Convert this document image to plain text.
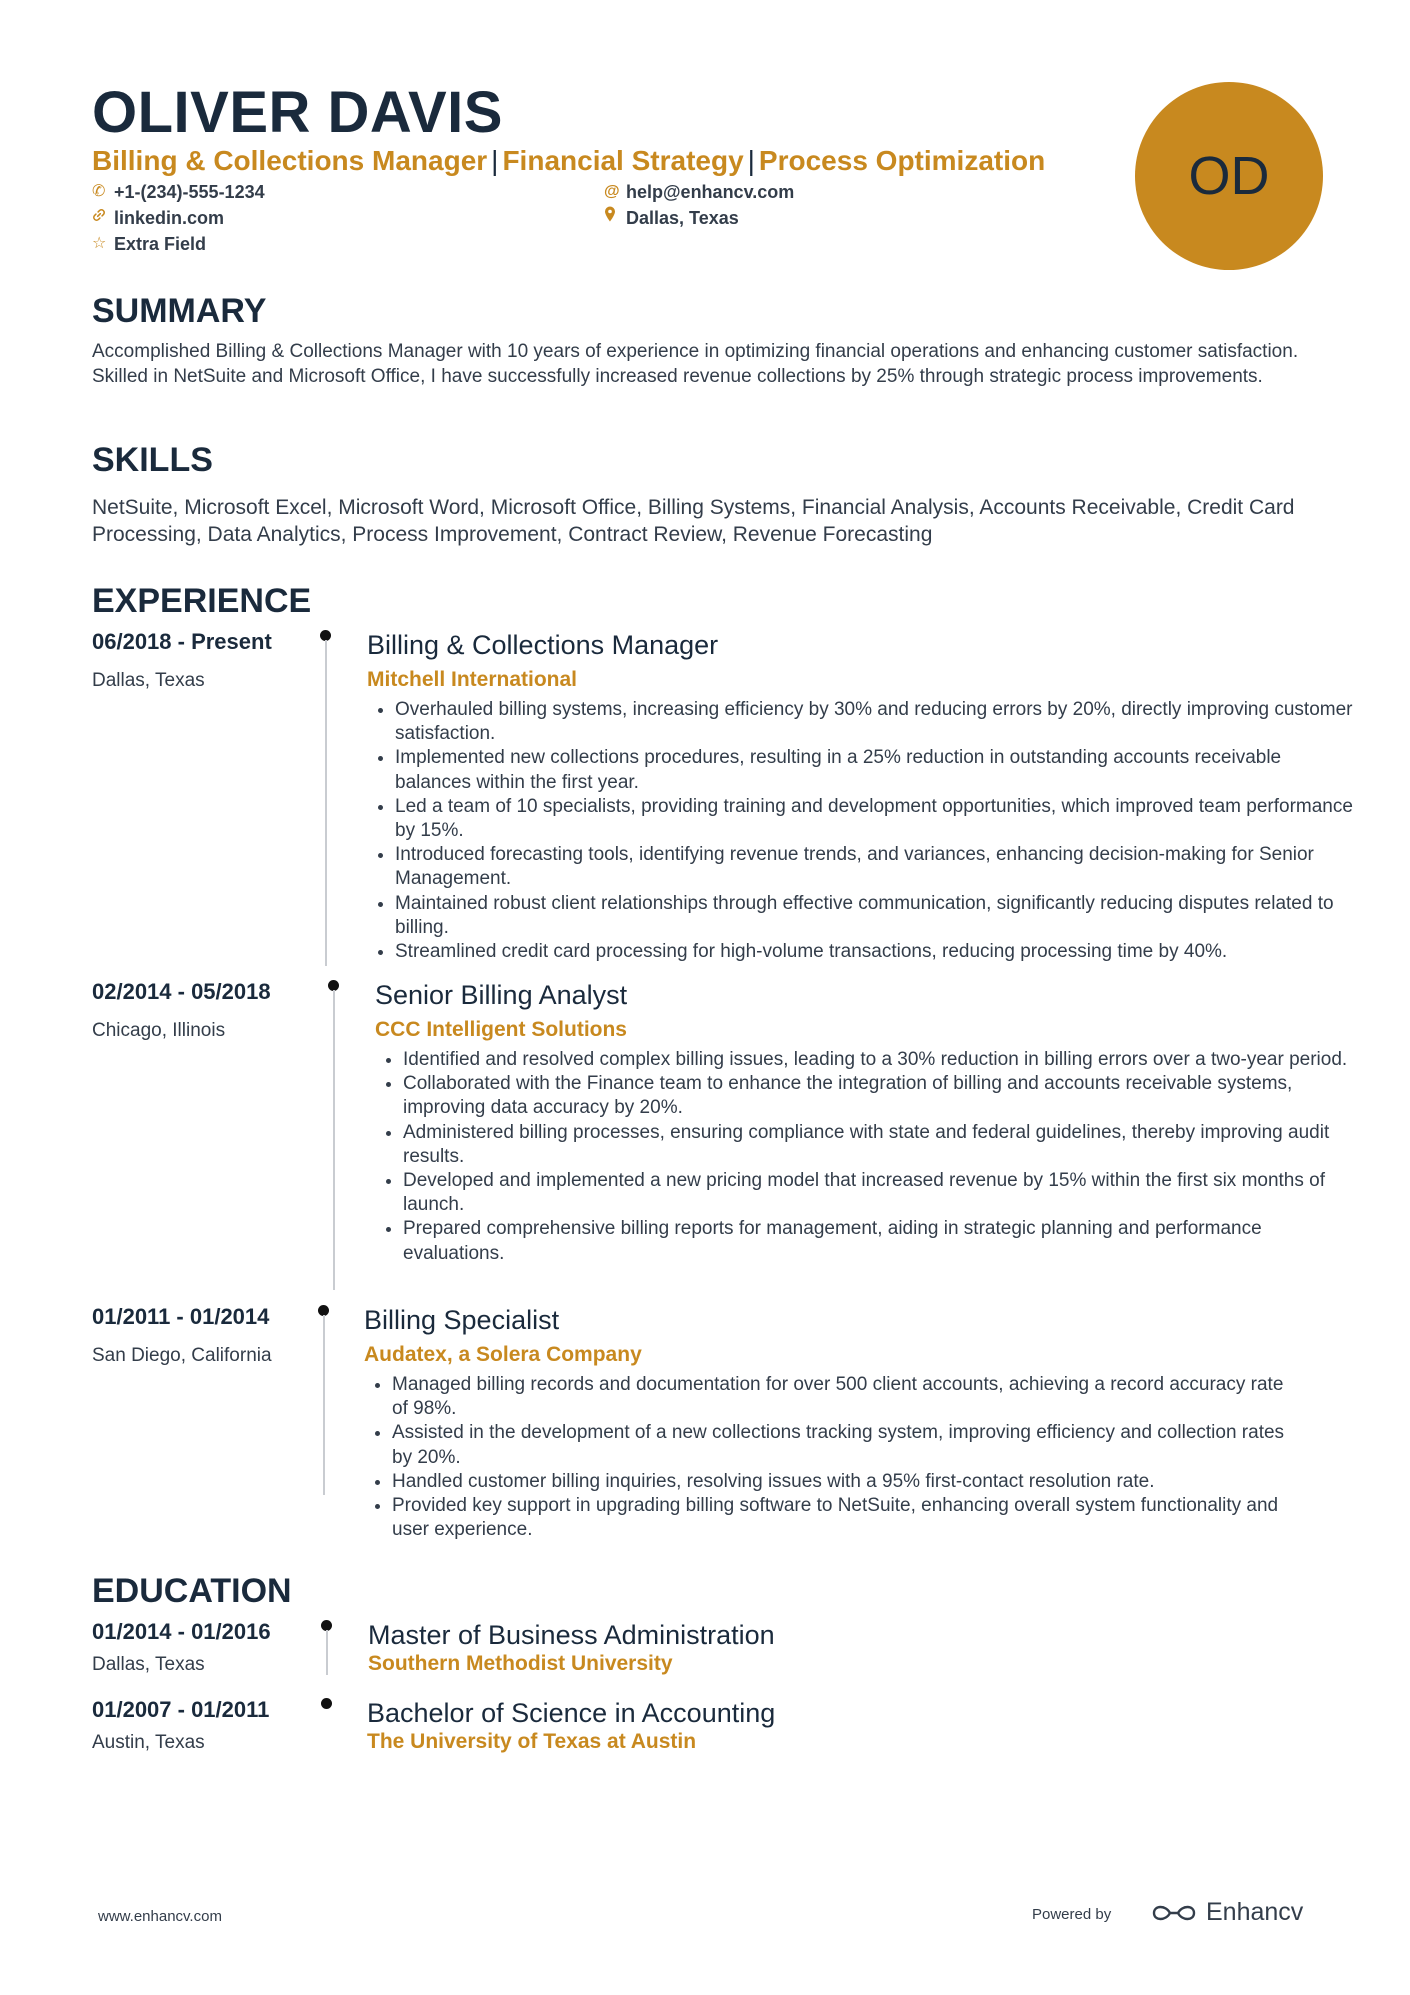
OLIVER DAVIS
Billing & Collections Manager | Financial Strategy | Process Optimization
✆ +1-(234)-555-1234	@ help@enhancv.com
linkedin.com	Dallas, Texas
☆ Extra Field
OD
SUMMARY

Accomplished Billing & Collections Manager with 10 years of experience in optimizing financial operations and enhancing customer satisfaction. Skilled in NetSuite and Microsoft Office, I have successfully increased revenue collections by 25% through strategic process improvements.

SKILLS

NetSuite, Microsoft Excel, Microsoft Word, Microsoft Office, Billing Systems, Financial Analysis, Accounts Receivable, Credit Card Processing, Data Analytics, Process Improvement, Contract Review, Revenue Forecasting

EXPERIENCE
06/2018 - Present
Dallas, Texas
Billing & Collections Manager
Mitchell International
• Overhauled billing systems, increasing efficiency by 30% and reducing errors by 20%, directly improving customer satisfaction.
• Implemented new collections procedures, resulting in a 25% reduction in outstanding accounts receivable balances within the first year.
• Led a team of 10 specialists, providing training and development opportunities, which improved team performance by 15%.
• Introduced forecasting tools, identifying revenue trends, and variances, enhancing decision-making for Senior Management.
• Maintained robust client relationships through effective communication, significantly reducing disputes related to billing.
• Streamlined credit card processing for high-volume transactions, reducing processing time by 40%.
02/2014 - 05/2018
Chicago, Illinois
Senior Billing Analyst
CCC Intelligent Solutions
• Identified and resolved complex billing issues, leading to a 30% reduction in billing errors over a two-year period.
• Collaborated with the Finance team to enhance the integration of billing and accounts receivable systems, improving data accuracy by 20%.
• Administered billing processes, ensuring compliance with state and federal guidelines, thereby improving audit results.
• Developed and implemented a new pricing model that increased revenue by 15% within the first six months of launch.
• Prepared comprehensive billing reports for management, aiding in strategic planning and performance evaluations.
01/2011 - 01/2014
San Diego, California
Billing Specialist
Audatex, a Solera Company
• Managed billing records and documentation for over 500 client accounts, achieving a record accuracy rate of 98%.
• Assisted in the development of a new collections tracking system, improving efficiency and collection rates by 20%.
• Handled customer billing inquiries, resolving issues with a 95% first-contact resolution rate.
• Provided key support in upgrading billing software to NetSuite, enhancing overall system functionality and user experience.
EDUCATION
01/2014 - 01/2016
Dallas, Texas
Master of Business Administration
Southern Methodist University
01/2007 - 01/2011
Austin, Texas
Bachelor of Science in Accounting
The University of Texas at Austin
www.enhancv.com	Powered by	Enhancv
